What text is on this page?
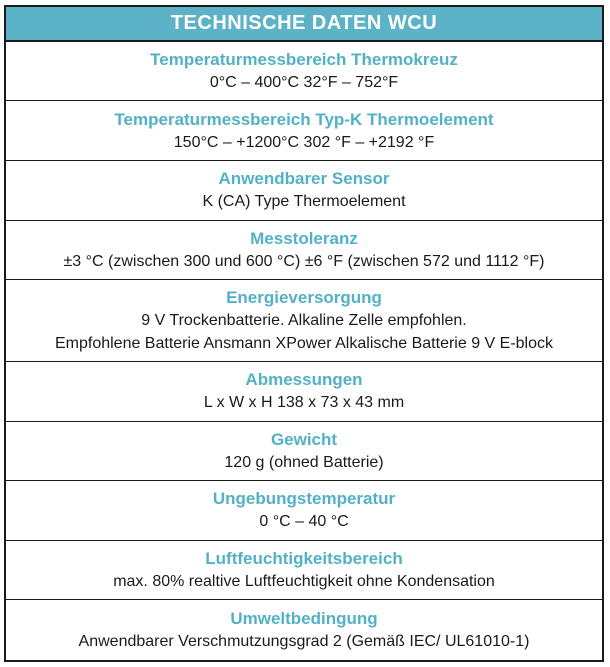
TECHNISCHE DATEN WCU
Temperaturmessbereich Thermokreuz
0°C – 400°C 32°F – 752°F
Temperaturmessbereich Typ-K Thermoelement
150°C – +1200°C 302 °F – +2192 °F
Anwendbarer Sensor
K (CA) Type Thermoelement
Messtoleranz
±3 °C (zwischen 300 und 600 °C) ±6 °F (zwischen 572 und 1112 °F)
Energieversorgung
9 V Trockenbatterie. Alkaline Zelle empfohlen.
Empfohlene Batterie Ansmann XPower Alkalische Batterie 9 V E-block
Abmessungen
L x W x H 138 x 73 x 43 mm
Gewicht
120 g (ohned Batterie)
Ungebungstemperatur
0 °C – 40 °C
Luftfeuchtigkeitsbereich
max. 80% realtive Luftfeuchtigkeit ohne Kondensation
Umweltbedingung
Anwendbarer Verschmutzungsgrad 2 (Gemäß IEC/ UL61010-1)
